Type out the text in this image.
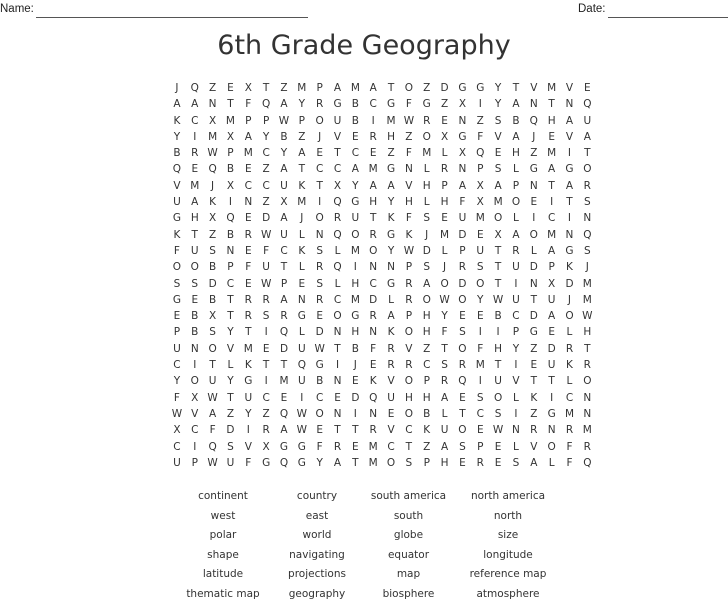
Name:	Date:
6th Grade Geography
J	Q Z	E	X	T	Z M P	A M A	T	O Z D G G	Y	T	V M V	E
A	A N	T	F	Q A	Y	R G B	C G	F	G Z	X	I	Y	A N	T	N Q
K	C	X M P	P W P	O U B	I	M W R	E	N Z	S	B Q H A U
Y	I	M X	A	Y	B	Z	J	V	E	R H Z O X G	F	V	A	J	E	V	A
B	R W P M C	Y	A	E	T	C	E	Z	F M L	X Q E	H Z M	I	T
Q E Q B	E	Z	A	T	C	C	A M G N	L	R N	P	S	L	G A G O
V M	J	X	C	C U	K	T	X	Y	A	A	V H	P	A	X	A	P	N	T	A	R
U A	K	I	N Z	X M	I	Q G H	Y	H	L	H	F	X M O E	I	T	S
G H X Q E D A	J	O R U	T	K	F	S	E	U M O	L	I	C	I	N
K	T	Z	B	R W U	L	N Q O R G K	J	M D E	X	A O M N Q
F	U	S	N	E	F	C	K	S	L M O	Y W D	L	P	U	T	R	L	A G S
O O B	P	F	U	T	L	R Q	I	N N	P	S	J	R	S	T	U D	P	K	J
S	S D C	E W P	E	S	L	H C G R	A O D O	T	I	N X D M
G E	B	T	R	R	A N R	C M D	L	R O W O	Y W U	T	U	J	M
E	B	X	T	R	S	R G E O G R	A	P	H	Y	E	E	B	C D A O W
P	B	S	Y	T	I	Q	L	D N H N K O H	F	S	I	I	P	G E	L	H
U N O V M E D U W T	B	F	R	V	Z	T	O	F	H	Y	Z D R	T
C	I	T	L	K	T	T	Q G	I	J	E	R	R	C	S	R M T	I	E	U	K	R
Y	O U	Y	G	I	M U B N	E	K	V O	P	R Q	I	U V	T	T	L	O
F	X W T	U C	E	I	C	E D Q U H H A	E	S O	L	K	I	C N
W V	A	Z	Y	Z Q W O N	I	N	E O B	L	T	C	S	I	Z G M N
X	C	F	D	I	R	A W E	T	T	R	V	C	K	U O E W N R N R M
C	I	Q S	V	X G G	F	R	E M C	T	Z	A	S	P	E	L	V O	F	R
U	P W U	F	G Q G	Y	A	T M O S	P	H	E	R	E	S	A	L	F	Q
continent	country	south america	north america
west	east	south	north
polar	world	globe	size
shape	navigating	equator	longitude
latitude	projections	map	reference map
thematic map	geography	biosphere	atmosphere
